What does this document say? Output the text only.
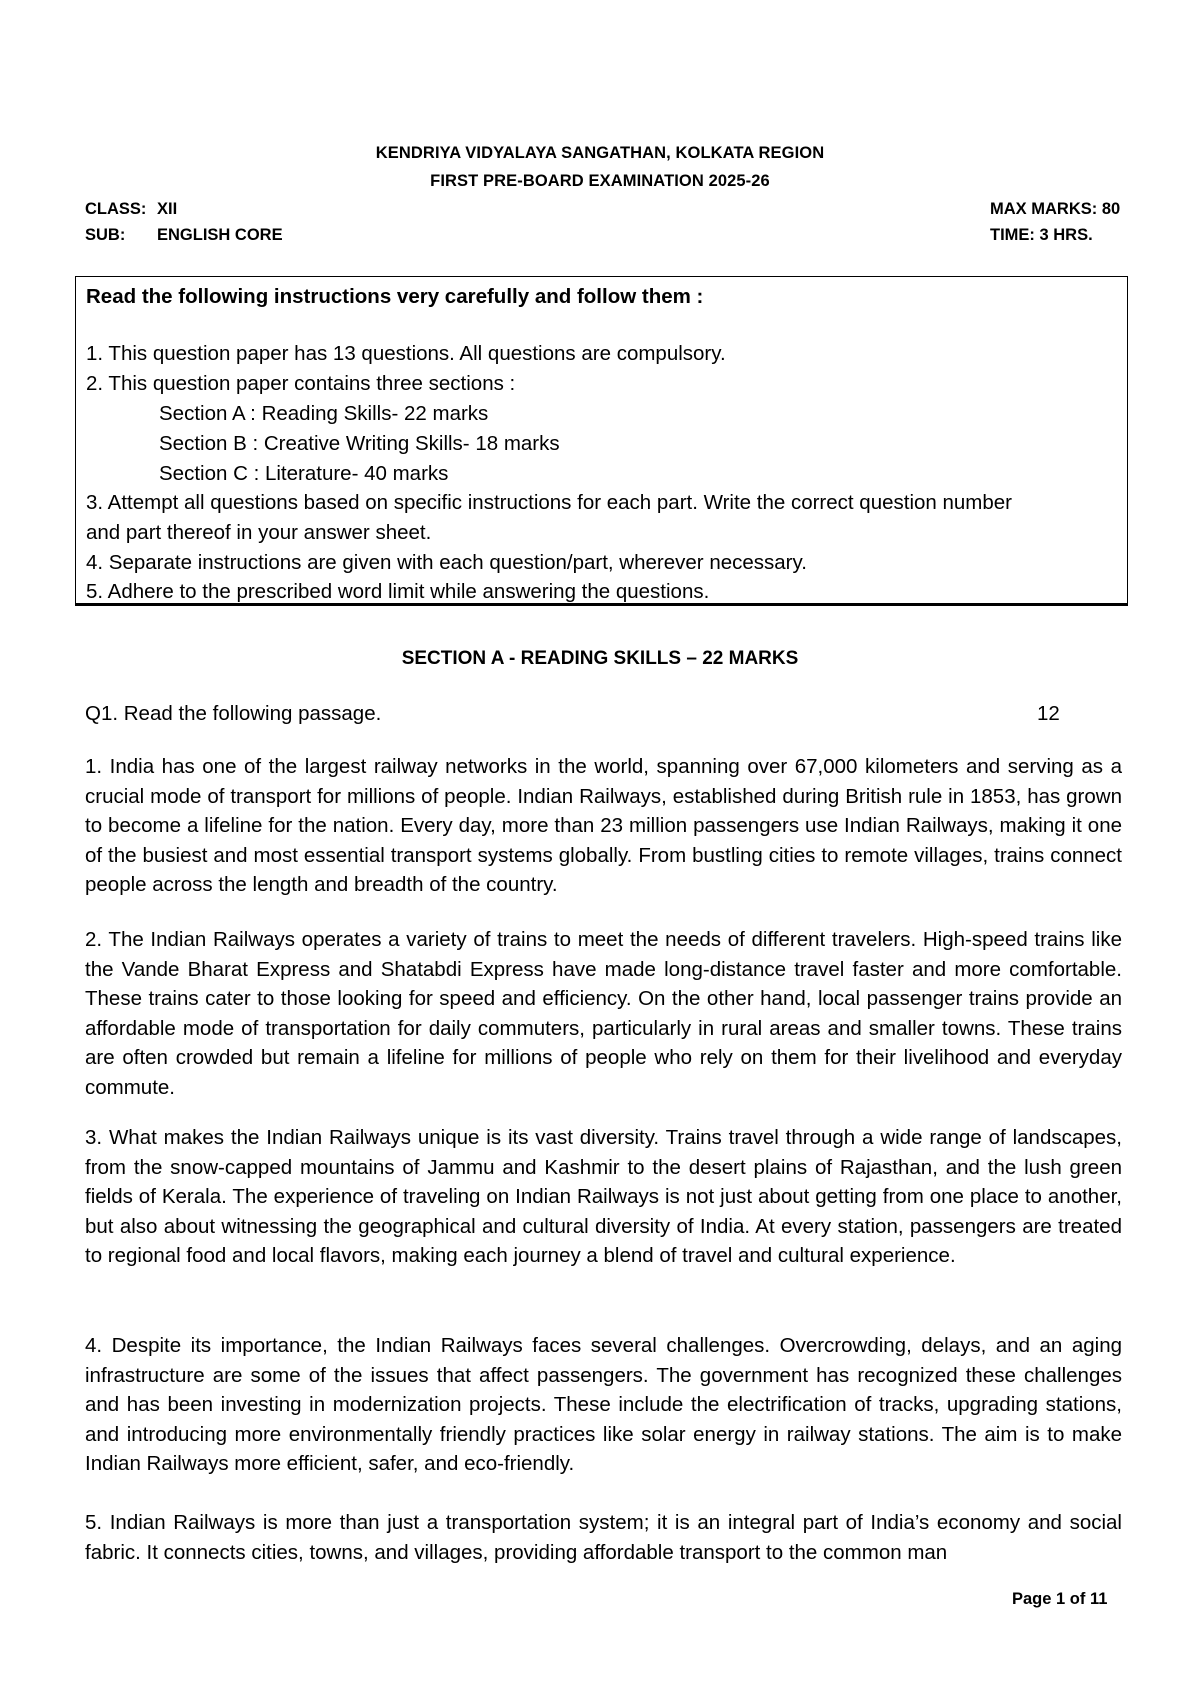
KENDRIYA VIDYALAYA SANGATHAN, KOLKATA REGION
FIRST PRE-BOARD EXAMINATION 2025-26
CLASS: XII
SUB: ENGLISH CORE
MAX MARKS: 80
TIME: 3 HRS.
Read the following instructions very carefully and follow them :
1. This question paper has 13 questions. All questions are compulsory.
2. This question paper contains three sections :
Section A : Reading Skills- 22 marks
Section B : Creative Writing Skills- 18 marks
Section C : Literature- 40 marks
3. Attempt all questions based on specific instructions for each part. Write the correct question number
and part thereof in your answer sheet.
4. Separate instructions are given with each question/part, wherever necessary.
5. Adhere to the prescribed word limit while answering the questions.
SECTION A - READING SKILLS – 22 MARKS
Q1. Read the following passage.	12
1. India has one of the largest railway networks in the world, spanning over 67,000 kilometers and serving as a crucial mode of transport for millions of people. Indian Railways, established during British rule in 1853, has grown to become a lifeline for the nation. Every day, more than 23 million passengers use Indian Railways, making it one of the busiest and most essential transport systems globally. From bustling cities to remote villages, trains connect people across the length and breadth of the country.
2. The Indian Railways operates a variety of trains to meet the needs of different travelers. High-speed trains like the Vande Bharat Express and Shatabdi Express have made long-distance travel faster and more comfortable. These trains cater to those looking for speed and efficiency. On the other hand, local passenger trains provide an affordable mode of transportation for daily commuters, particularly in rural areas and smaller towns. These trains are often crowded but remain a lifeline for millions of people who rely on them for their livelihood and everyday commute.
3. What makes the Indian Railways unique is its vast diversity. Trains travel through a wide range of landscapes, from the snow-capped mountains of Jammu and Kashmir to the desert plains of Rajasthan, and the lush green fields of Kerala. The experience of traveling on Indian Railways is not just about getting from one place to another, but also about witnessing the geographical and cultural diversity of India. At every station, passengers are treated to regional food and local flavors, making each journey a blend of travel and cultural experience.
4. Despite its importance, the Indian Railways faces several challenges. Overcrowding, delays, and an aging infrastructure are some of the issues that affect passengers. The government has recognized these challenges and has been investing in modernization projects. These include the electrification of tracks, upgrading stations, and introducing more environmentally friendly practices like solar energy in railway stations. The aim is to make Indian Railways more efficient, safer, and eco-friendly.
5. Indian Railways is more than just a transportation system; it is an integral part of India’s economy and social fabric. It connects cities, towns, and villages, providing affordable transport to the common man
Page 1 of 11
